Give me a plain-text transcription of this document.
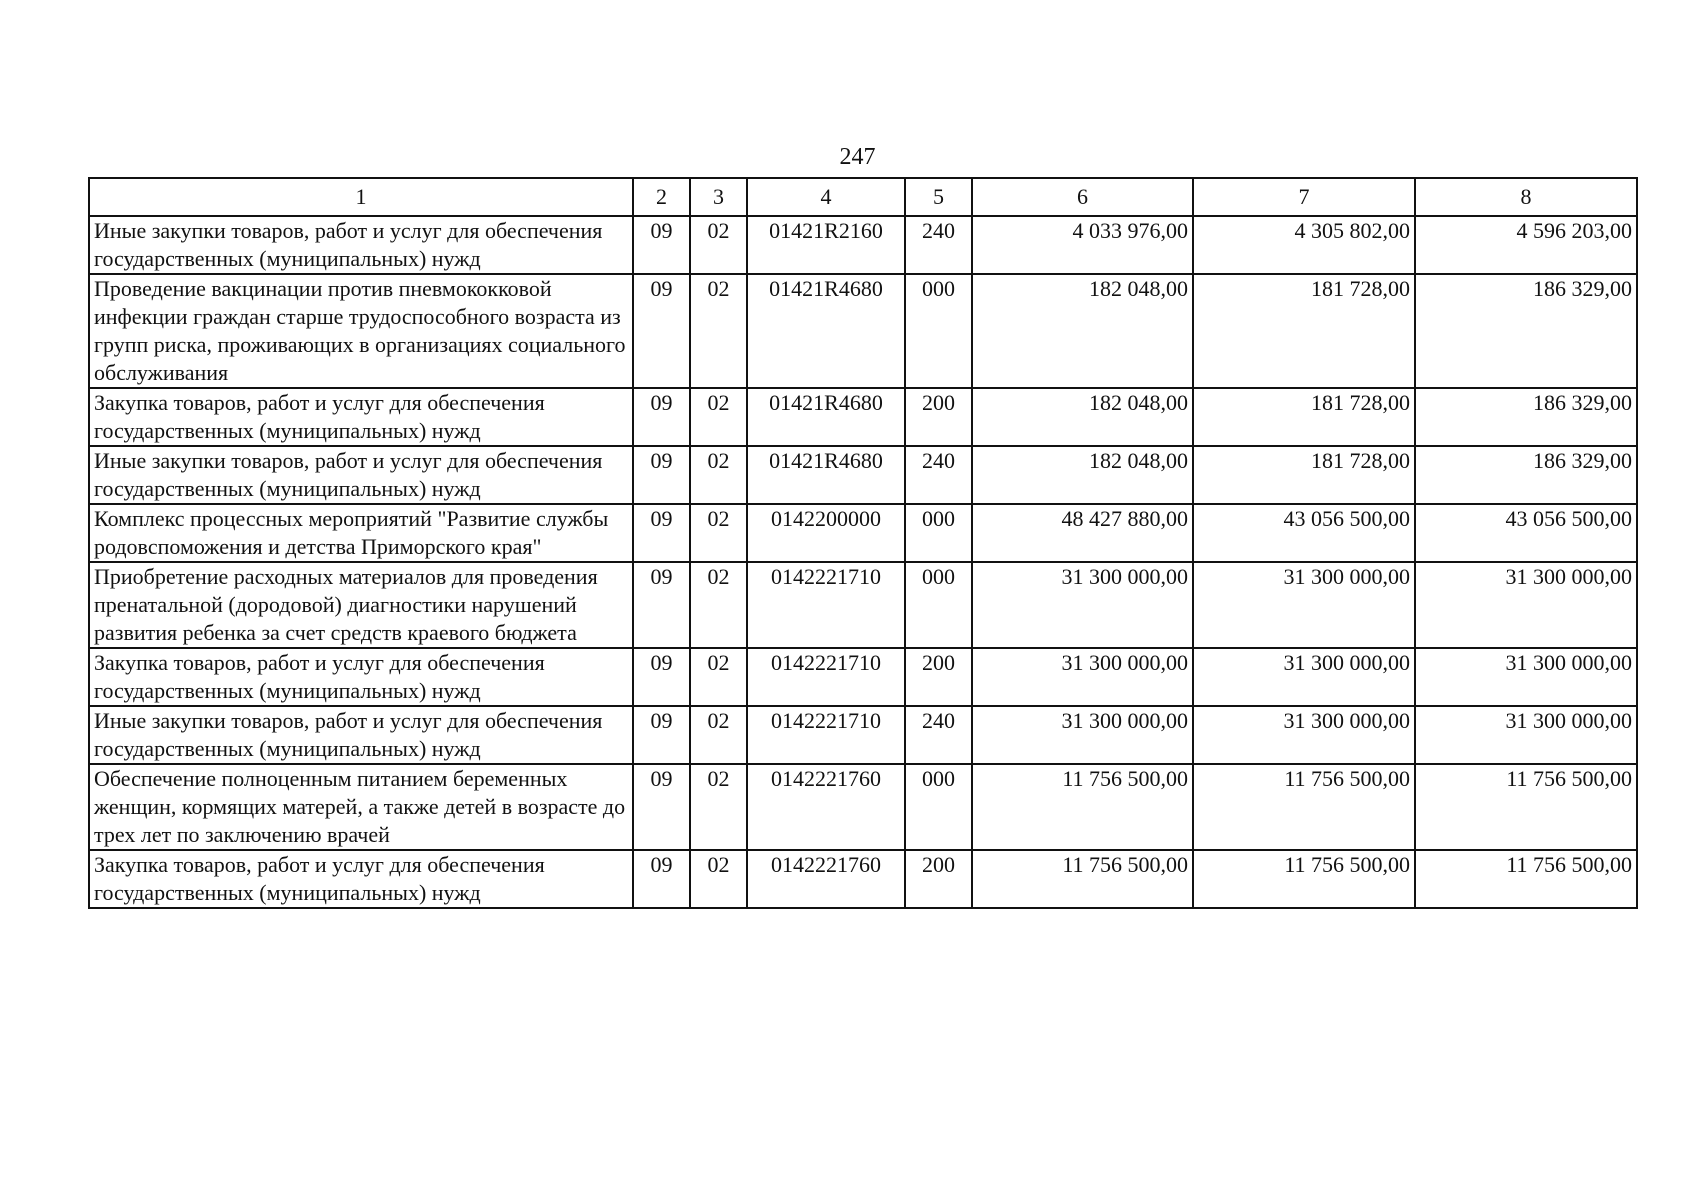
247
1	2	3	4	5	6	7	8
Иные закупки товаров, работ и услуг для обеспечения государственных (муниципальных) нужд	09	02	01421R2160	240	4 033 976,00	4 305 802,00	4 596 203,00
Проведение вакцинации против пневмококковой инфекции граждан старше трудоспособного возраста из групп риска, проживающих в организациях социального обслуживания	09	02	01421R4680	000	182 048,00	181 728,00	186 329,00
Закупка товаров, работ и услуг для обеспечения государственных (муниципальных) нужд	09	02	01421R4680	200	182 048,00	181 728,00	186 329,00
Иные закупки товаров, работ и услуг для обеспечения государственных (муниципальных) нужд	09	02	01421R4680	240	182 048,00	181 728,00	186 329,00
Комплекс процессных мероприятий "Развитие службы родовспоможения и детства Приморского края"	09	02	0142200000	000	48 427 880,00	43 056 500,00	43 056 500,00
Приобретение расходных материалов для проведения пренатальной (дородовой) диагностики нарушений развития ребенка за счет средств краевого бюджета	09	02	0142221710	000	31 300 000,00	31 300 000,00	31 300 000,00
Закупка товаров, работ и услуг для обеспечения государственных (муниципальных) нужд	09	02	0142221710	200	31 300 000,00	31 300 000,00	31 300 000,00
Иные закупки товаров, работ и услуг для обеспечения государственных (муниципальных) нужд	09	02	0142221710	240	31 300 000,00	31 300 000,00	31 300 000,00
Обеспечение полноценным питанием беременных женщин, кормящих матерей, а также детей в возрасте до трех лет по заключению врачей	09	02	0142221760	000	11 756 500,00	11 756 500,00	11 756 500,00
Закупка товаров, работ и услуг для обеспечения государственных (муниципальных) нужд	09	02	0142221760	200	11 756 500,00	11 756 500,00	11 756 500,00
